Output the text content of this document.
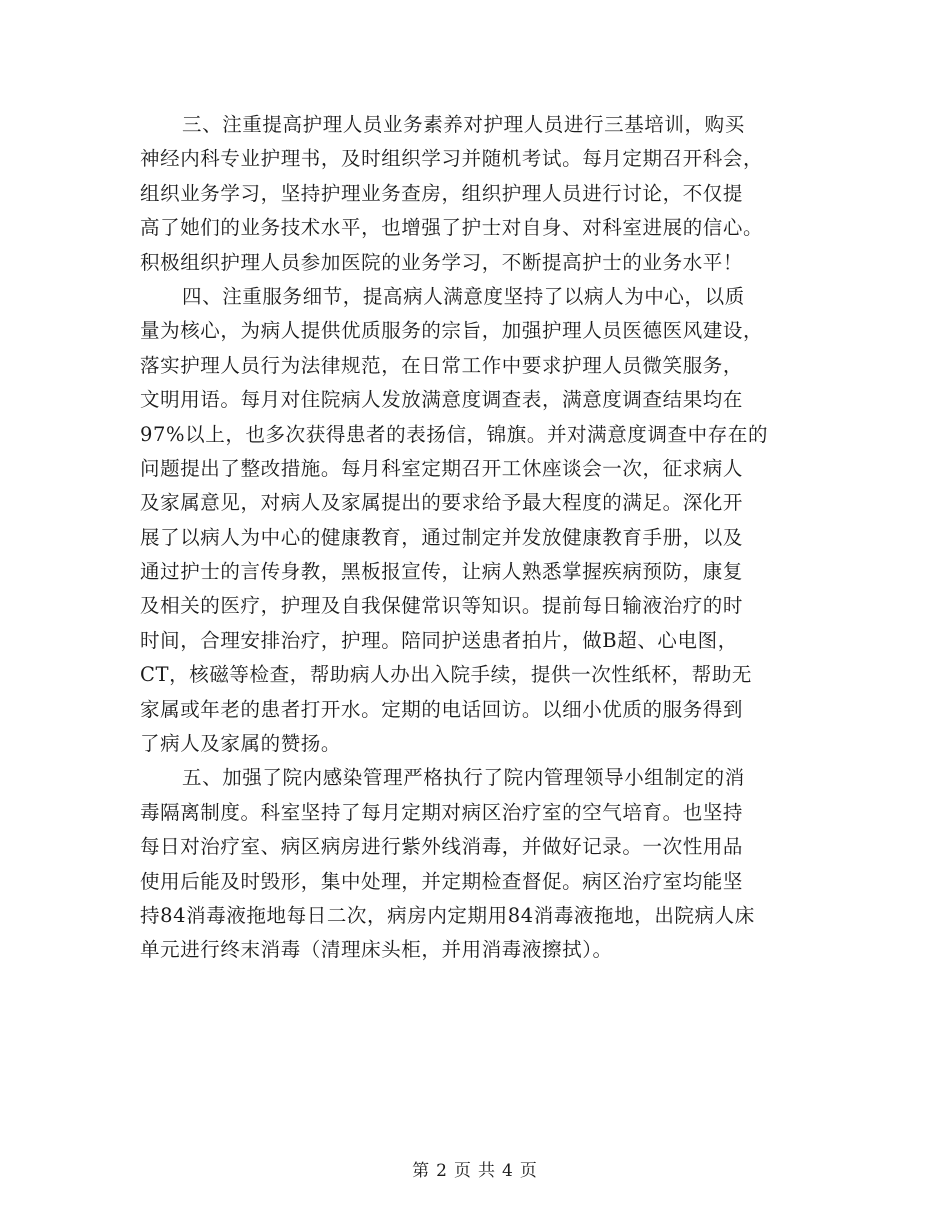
三、注重提高护理人员业务素养对护理人员进行三基培训，购买
神经内科专业护理书，及时组织学习并随机考试。每月定期召开科会，
组织业务学习，坚持护理业务查房，组织护理人员进行讨论，不仅提
高了她们的业务技术水平，也增强了护士对自身、对科室进展的信心。
积极组织护理人员参加医院的业务学习，不断提高护士的业务水平！
四、注重服务细节，提高病人满意度坚持了以病人为中心，以质
量为核心，为病人提供优质服务的宗旨，加强护理人员医德医风建设，
落实护理人员行为法律规范，在日常工作中要求护理人员微笑服务，
文明用语。每月对住院病人发放满意度调查表，满意度调查结果均在
97%以上，也多次获得患者的表扬信，锦旗。并对满意度调查中存在的
问题提出了整改措施。每月科室定期召开工休座谈会一次，征求病人
及家属意见，对病人及家属提出的要求给予最大程度的满足。深化开
展了以病人为中心的健康教育，通过制定并发放健康教育手册，以及
通过护士的言传身教，黑板报宣传，让病人熟悉掌握疾病预防，康复
及相关的医疗，护理及自我保健常识等知识。提前每日输液治疗的时
时间，合理安排治疗，护理。陪同护送患者拍片，做B超、心电图，
CT，核磁等检查，帮助病人办出入院手续，提供一次性纸杯，帮助无
家属或年老的患者打开水。定期的电话回访。以细小优质的服务得到
了病人及家属的赞扬。
五、加强了院内感染管理严格执行了院内管理领导小组制定的消
毒隔离制度。科室坚持了每月定期对病区治疗室的空气培育。也坚持
每日对治疗室、病区病房进行紫外线消毒，并做好记录。一次性用品
使用后能及时毁形，集中处理，并定期检查督促。病区治疗室均能坚
持84消毒液拖地每日二次，病房内定期用84消毒液拖地，出院病人床
单元进行终末消毒（清理床头柜，并用消毒液擦拭）。
第 2 页 共 4 页
